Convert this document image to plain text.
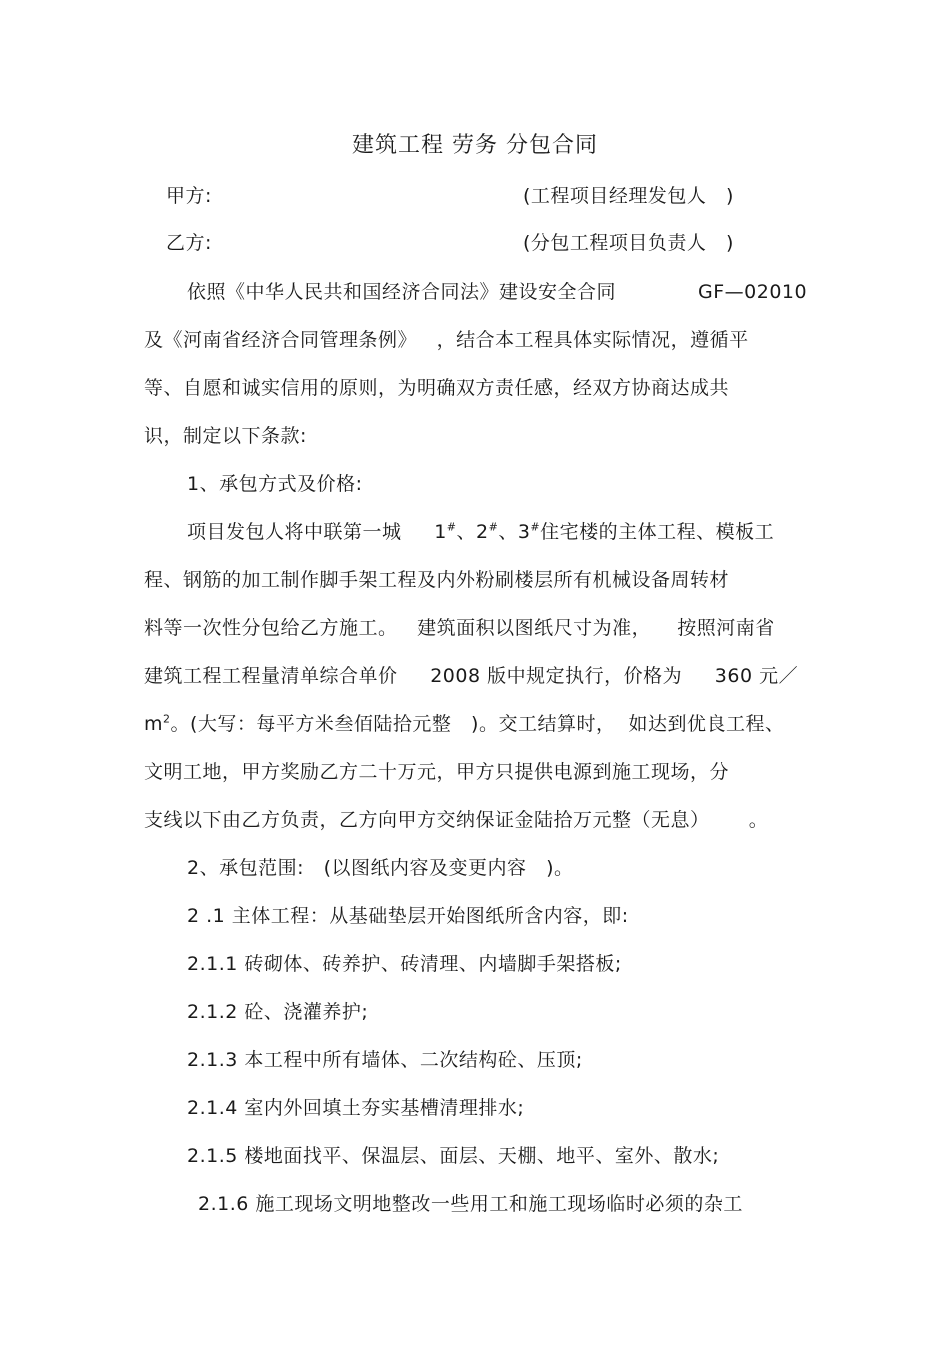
建筑工程 劳务 分包合同
甲方:	(工程项目经理发包人   )
乙方:	(分包工程项目负责人   )
依照《中华人民共和国经济合同法》建设安全合同	GF—02010
及《河南省经济合同管理条例》   ，结合本工程具体实际情况，遵循平
等、自愿和诚实信用的原则，为明确双方责任感，经双方协商达成共
识，制定以下条款:
1、承包方式及价格:
项目发包人将中联第一城     1#、2#、3#住宅楼的主体工程、模板工
程、钢筋的加工制作脚手架工程及内外粉刷楼层所有机械设备周转材
料等一次性分包给乙方施工。   建筑面积以图纸尺寸为准，    按照河南省
建筑工程工程量清单综合单价     2008 版中规定执行，价格为     360 元／
$m^2$。(大写：每平方米叁佰陆拾元整   )。交工结算时，  如达到优良工程、
文明工地，甲方奖励乙方二十万元，甲方只提供电源到施工现场，分
支线以下由乙方负责，乙方向甲方交纳保证金陆拾万元整（无息）      。
2、承包范围:   (以图纸内容及变更内容   )。
2 .1 主体工程：从基础垫层开始图纸所含内容，即:
2.1.1 砖砌体、砖养护、砖清理、内墙脚手架搭板;
2.1.2 砼、浇灌养护;
2.1.3 本工程中所有墙体、二次结构砼、压顶;
2.1.4 室内外回填土夯实基槽清理排水;
2.1.5 楼地面找平、保温层、面层、天棚、地平、室外、散水;
2.1.6 施工现场文明地整改一些用工和施工现场临时必须的杂工
